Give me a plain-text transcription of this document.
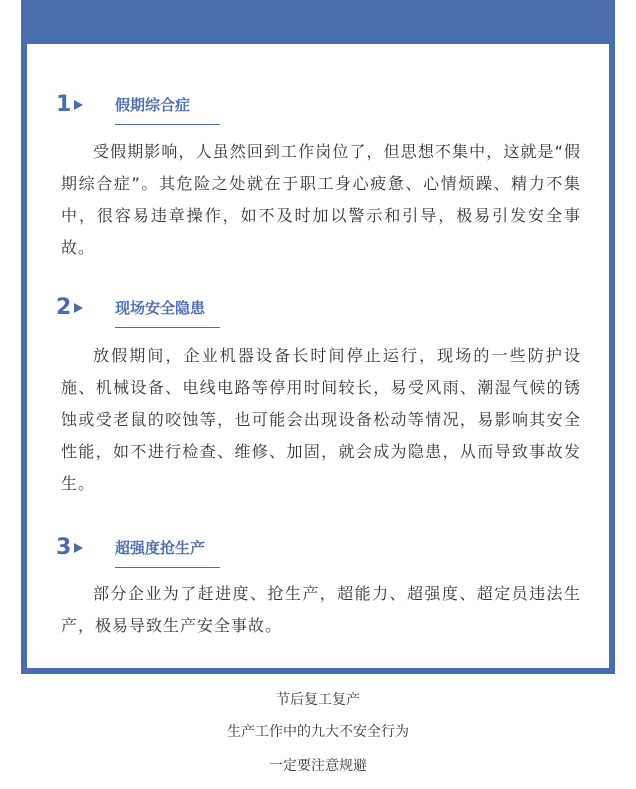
1	假期综合症
受假期影响，人虽然回到工作岗位了，但思想不集中，这就是“假期综合症”。其危险之处就在于职工身心疲惫、心情烦躁、精力不集中，很容易违章操作，如不及时加以警示和引导，极易引发安全事故。
2	现场安全隐患
放假期间，企业机器设备长时间停止运行，现场的一些防护设施、机械设备、电线电路等停用时间较长，易受风雨、潮湿气候的锈蚀或受老鼠的咬蚀等，也可能会出现设备松动等情况，易影响其安全性能，如不进行检查、维修、加固，就会成为隐患，从而导致事故发生。
3	超强度抢生产
部分企业为了赶进度、抢生产，超能力、超强度、超定员违法生产，极易导致生产安全事故。
节后复工复产
生产工作中的九大不安全行为
一定要注意规避
